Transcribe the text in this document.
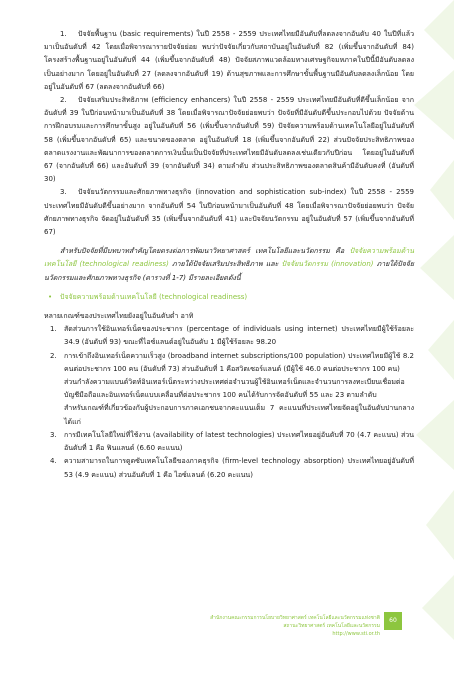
1. ปัจจัยพื้นฐาน (basic requirements) ในปี 2558 - 2559 ประเทศไทยมีอันดับที่ลดลงจากอันดับ 40 ในปีที่แล้วมาเป็นอันดับที่ 42 โดยเมื่อพิจารณารายปัจจัยย่อย พบว่าปัจจัยเกี่ยวกับสถาบันอยู่ในอันดับที่ 82 (เพิ่มขึ้นจากอันดับที่ 84) โครงสร้างพื้นฐานอยู่ในอันดับที่ 44 (เพิ่มขึ้นจากอันดับที่ 48) ปัจจัยสภาพแวดล้อมทางเศรษฐกิจมหภาคในปีนี้มีอันดับลดลงเป็นอย่างมาก โดยอยู่ในอันดับที่ 27 (ลดลงจากอันดับที่ 19) ด้านสุขภาพและการศึกษาขั้นพื้นฐานมีอันดับลดลงเล็กน้อย โดยอยู่ในอันดับที่ 67 (ลดลงจากอันดับที่ 66)

2. ปัจจัยเสริมประสิทธิภาพ (efficiency enhancers) ในปี 2558 - 2559 ประเทศไทยมีอันดับที่ดีขึ้นเล็กน้อย จากอันดับที่ 39 ในปีก่อนหน้ามาเป็นอันดับที่ 38 โดยเมื่อพิจารณาปัจจัยย่อยพบว่า ปัจจัยที่มีอันดับดีขึ้นประกอบไปด้วย ปัจจัยด้านการฝึกอบรมและการศึกษาขั้นสูง อยู่ในอันดับที่ 56 (เพิ่มขึ้นจากอันดับที่ 59) ปัจจัยความพร้อมด้านเทคโนโลยีอยู่ในอันดับที่ 58 (เพิ่มขึ้นจากอันดับที่ 65) และขนาดของตลาด อยู่ในอันดับที่ 18 (เพิ่มขึ้นจากอันดับที่ 22) ส่วนปัจจัยประสิทธิภาพของตลาดแรงงานและพัฒนาการของตลาดการเงินนั้นเป็นปัจจัยที่ประเทศไทยมีอันดับลดลงเช่นเดียวกับปีก่อน โดยอยู่ในอันดับที่ 67 (จากอันดับที่ 66) และอันดับที่ 39 (จากอันดับที่ 34) ตามลำดับ ส่วนประสิทธิภาพของตลาดสินค้ามีอันดับคงที่ (อันดับที่ 30)

3. ปัจจัยนวัตกรรมและศักยภาพทางธุรกิจ (innovation and sophistication sub-index) ในปี 2558 - 2559 ประเทศไทยมีอันดับดีขึ้นอย่างมาก จากอันดับที่ 54 ในปีก่อนหน้ามาเป็นอันดับที่ 48 โดยเมื่อพิจารณาปัจจัยย่อยพบว่า ปัจจัยศักยภาพทางธุรกิจ จัดอยู่ในอันดับที่ 35 (เพิ่มขึ้นจากอันดับที่ 41) และปัจจัยนวัตกรรม อยู่ในอันดับที่ 57 (เพิ่มขึ้นจากอันดับที่ 67)

สำหรับปัจจัยที่มีบทบาทสำคัญโดยตรงต่อการพัฒนาวิทยาศาสตร์ เทคโนโลยีและนวัตกรรม คือ ปัจจัยความพร้อมด้านเทคโนโลยี (technological readiness) ภายใต้ปัจจัยเสริมประสิทธิภาพ และ ปัจจัยนวัตกรรม (innovation) ภายใต้ปัจจัยนวัตกรรมและศักยภาพทางธุรกิจ (ตารางที่ 1-7) มีรายละเอียดดังนี้

• ปัจจัยความพร้อมด้านเทคโนโลยี (technological readiness)

หลายเกณฑ์ของประเทศไทยยังอยู่ในอันดับต่ำ อาทิ

1. สัดส่วนการใช้อินเทอร์เน็ตของประชากร (percentage of individuals using internet) ประเทศไทยมีผู้ใช้ร้อยละ 34.9 (อันดับที่ 93) ขณะที่ไอซ์แลนด์อยู่ในอันดับ 1 มีผู้ใช้ร้อยละ 98.20

2. การเข้าถึงอินเทอร์เน็ตความเร็วสูง (broadband internet subscriptions/100 population) ประเทศไทยมีผู้ใช้ 8.2 คนต่อประชากร 100 คน (อันดับที่ 73) ส่วนอันดับที่ 1 คือสวิตเซอร์แลนด์ (มีผู้ใช้ 46.0 คนต่อประชากร 100 คน)

ส่วนกำลังความแบนด์วิดท์อินเทอร์เน็ตระหว่างประเทศต่อจำนวนผู้ใช้อินเทอร์เน็ตและจำนวนการลงทะเบียนเชื่อมต่อบัญชีมือถือและอินเทอร์เน็ตแบบเคลื่อนที่ต่อประชากร 100 คนได้รับการจัดอันดับที่ 55 และ 23 ตามลำดับ

สำหรับเกณฑ์ที่เกี่ยวข้องกับผู้ประกอบการภาคเอกชนจากคะแนนเต็ม 7 คะแนนที่ประเทศไทยจัดอยู่ในอันดับปานกลาง ได้แก่

3. การมีเทคโนโลยีใหม่ที่ใช้งาน (availability of latest technologies) ประเทศไทยอยู่อันดับที่ 70 (4.7 คะแนน) ส่วนอันดับที่ 1 คือ ฟินแลนด์ (6.60 คะแนน)

4. ความสามารถในการดูดซับเทคโนโลยีของภาคธุรกิจ (firm-level technology absorption) ประเทศไทยอยู่อันดับที่ 53 (4.9 คะแนน) ส่วนอันดับที่ 1 คือ ไอซ์แลนด์ (6.20 คะแนน)

สำนักงานคณะกรรมการนโยบายวิทยาศาสตร์ เทคโนโลยีและนวัตกรรมแห่งชาติ
สถานะวิทยาศาสตร์ เทคโนโลยีและนวัตกรรม
http://www.sti.or.th
60
